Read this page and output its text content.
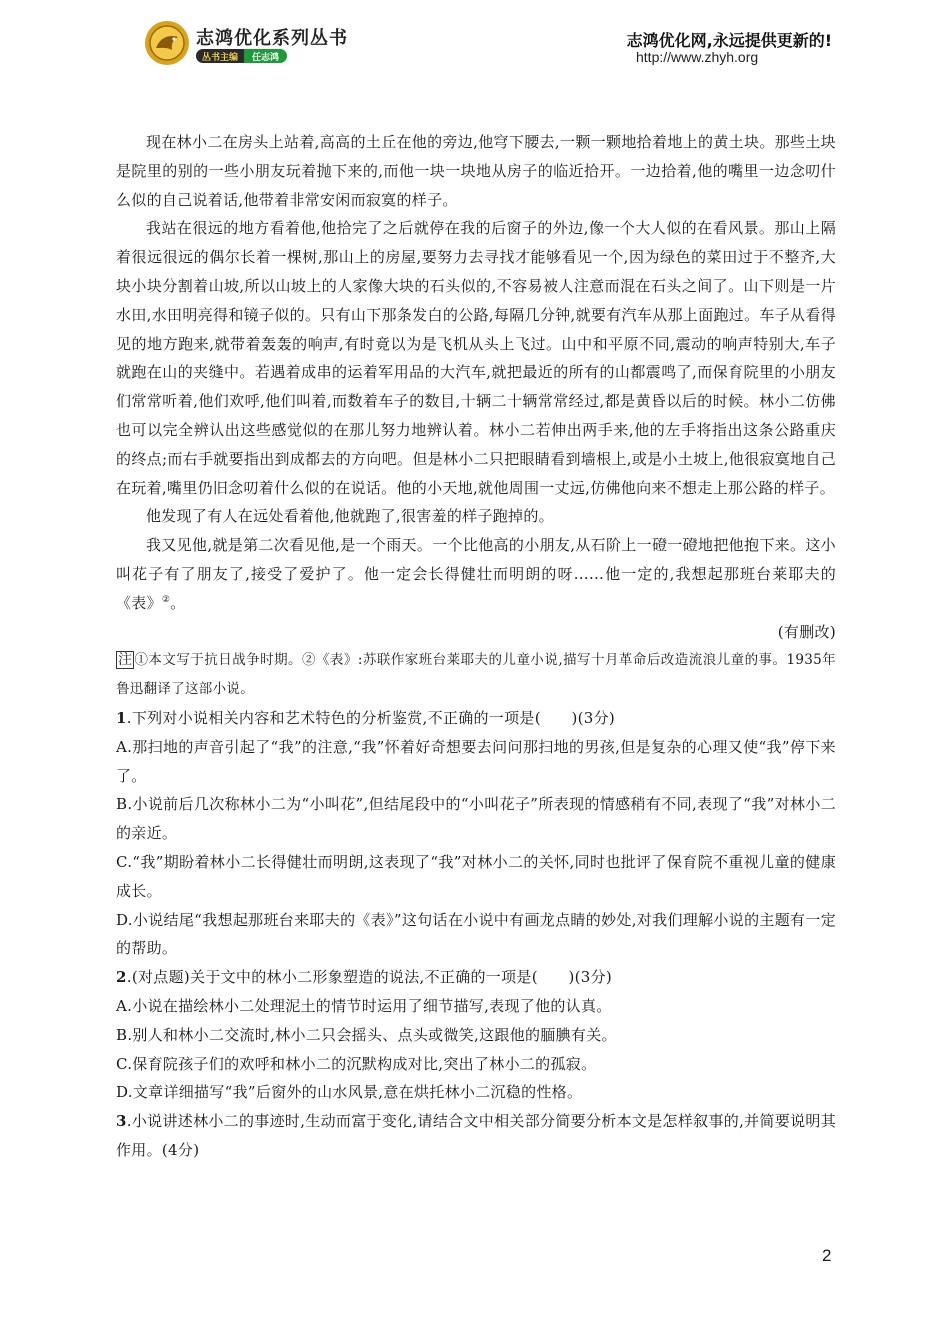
志鸿优化系列丛书
丛书主编	任志鸿
志鸿优化网,永远提供更新的!
http://www.zhyh.org

现在林小二在房头上站着,高高的土丘在他的旁边,他穹下腰去,一颗一颗地拾着地上的黄土块。那些土块是院里的别的一些小朋友玩着抛下来的,而他一块一块地从房子的临近拾开。一边拾着,他的嘴里一边念叨什么似的自己说着话,他带着非常安闲而寂寞的样子。

我站在很远的地方看着他,他拾完了之后就停在我的后窗子的外边,像一个大人似的在看风景。那山上隔着很远很远的偶尔长着一棵树,那山上的房屋,要努力去寻找才能够看见一个,因为绿色的菜田过于不整齐,大块小块分割着山坡,所以山坡上的人家像大块的石头似的,不容易被人注意而混在石头之间了。山下则是一片水田,水田明亮得和镜子似的。只有山下那条发白的公路,每隔几分钟,就要有汽车从那上面跑过。车子从看得见的地方跑来,就带着轰轰的响声,有时竟以为是飞机从头上飞过。山中和平原不同,震动的响声特别大,车子就跑在山的夹缝中。若遇着成串的运着军用品的大汽车,就把最近的所有的山都震鸣了,而保育院里的小朋友们常常听着,他们欢呼,他们叫着,而数着车子的数目,十辆二十辆常常经过,都是黄昏以后的时候。林小二仿佛也可以完全辨认出这些感觉似的在那儿努力地辨认着。林小二若伸出两手来,他的左手将指出这条公路重庆的终点;而右手就要指出到成都去的方向吧。但是林小二只把眼睛看到墙根上,或是小土坡上,他很寂寞地自己在玩着,嘴里仍旧念叨着什么似的在说话。他的小天地,就他周围一丈远,仿佛他向来不想走上那公路的样子。

他发现了有人在远处看着他,他就跑了,很害羞的样子跑掉的。

我又见他,就是第二次看见他,是一个雨天。一个比他高的小朋友,从石阶上一磴一磴地把他抱下来。这小叫花子有了朋友了,接受了爱护了。他一定会长得健壮而明朗的呀……他一定的,我想起那班台莱耶夫的《表》②。

(有删改)

注 ①本文写于抗日战争时期。②《表》:苏联作家班台莱耶夫的儿童小说,描写十月革命后改造流浪儿童的事。1935年鲁迅翻译了这部小说。

1.下列对小说相关内容和艺术特色的分析鉴赏,不正确的一项是(　　)(3分)

A.那扫地的声音引起了“我”的注意,“我”怀着好奇想要去问问那扫地的男孩,但是复杂的心理又使“我”停下来了。

B.小说前后几次称林小二为“小叫花”,但结尾段中的“小叫花子”所表现的情感稍有不同,表现了“我”对林小二的亲近。

C.“我”期盼着林小二长得健壮而明朗,这表现了“我”对林小二的关怀,同时也批评了保育院不重视儿童的健康成长。

D.小说结尾“我想起那班台来耶夫的《表》”这句话在小说中有画龙点睛的妙处,对我们理解小说的主题有一定的帮助。

2.(对点题)关于文中的林小二形象塑造的说法,不正确的一项是(　　)(3分)

A.小说在描绘林小二处理泥土的情节时运用了细节描写,表现了他的认真。

B.别人和林小二交流时,林小二只会摇头、点头或微笑,这跟他的腼腆有关。

C.保育院孩子们的欢呼和林小二的沉默构成对比,突出了林小二的孤寂。

D.文章详细描写“我”后窗外的山水风景,意在烘托林小二沉稳的性格。

3.小说讲述林小二的事迹时,生动而富于变化,请结合文中相关部分简要分析本文是怎样叙事的,并简要说明其作用。(4分)

2
